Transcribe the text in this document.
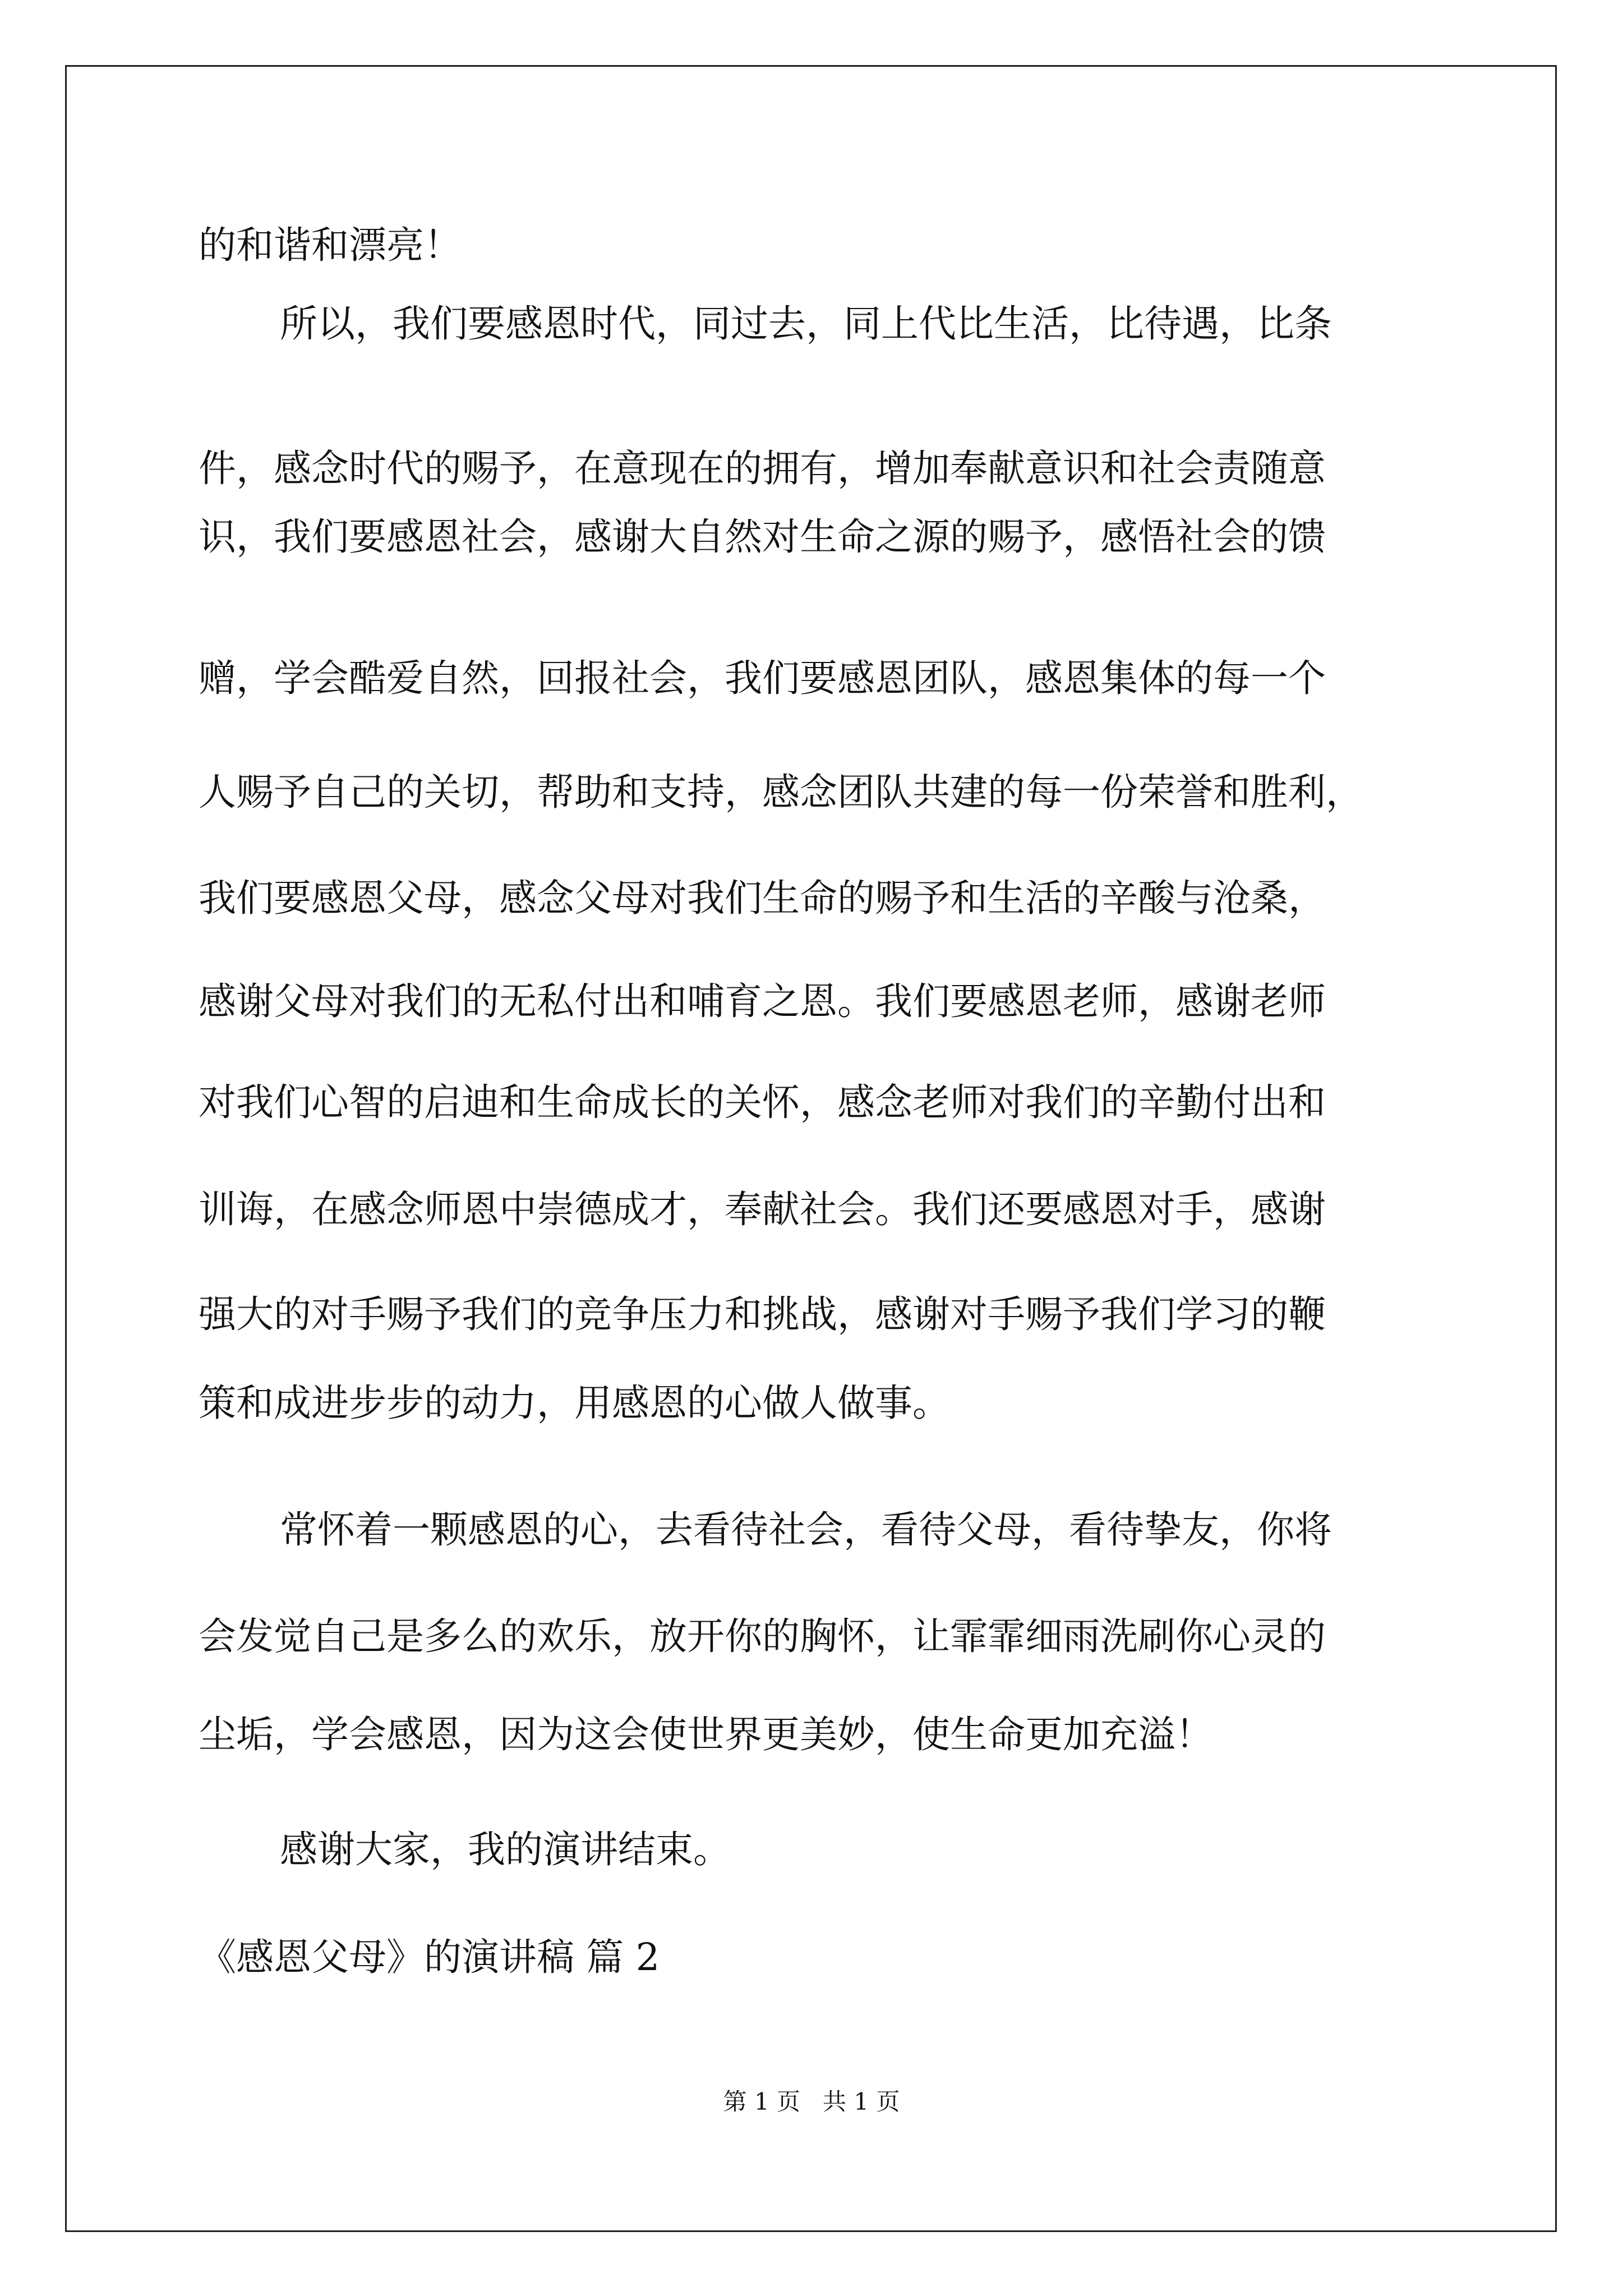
的和谐和漂亮！
所以，我们要感恩时代，同过去，同上代比生活，比待遇，比条
件，感念时代的赐予，在意现在的拥有，增加奉献意识和社会责随意
识，我们要感恩社会，感谢大自然对生命之源的赐予，感悟社会的馈
赠，学会酷爱自然，回报社会，我们要感恩团队，感恩集体的每一个
人赐予自己的关切，帮助和支持，感念团队共建的每一份荣誉和胜利，
我们要感恩父母，感念父母对我们生命的赐予和生活的辛酸与沧桑，
感谢父母对我们的无私付出和哺育之恩。我们要感恩老师，感谢老师
对我们心智的启迪和生命成长的关怀，感念老师对我们的辛勤付出和
训诲，在感念师恩中崇德成才，奉献社会。我们还要感恩对手，感谢
强大的对手赐予我们的竞争压力和挑战，感谢对手赐予我们学习的鞭
策和成进步步的动力，用感恩的心做人做事。
常怀着一颗感恩的心，去看待社会，看待父母，看待挚友，你将
会发觉自己是多么的欢乐，放开你的胸怀，让霏霏细雨洗刷你心灵的
尘垢，学会感恩，因为这会使世界更美妙，使生命更加充溢！
感谢大家，我的演讲结束。
《感恩父母》的演讲稿 篇 2
第 1 页   共 1 页
